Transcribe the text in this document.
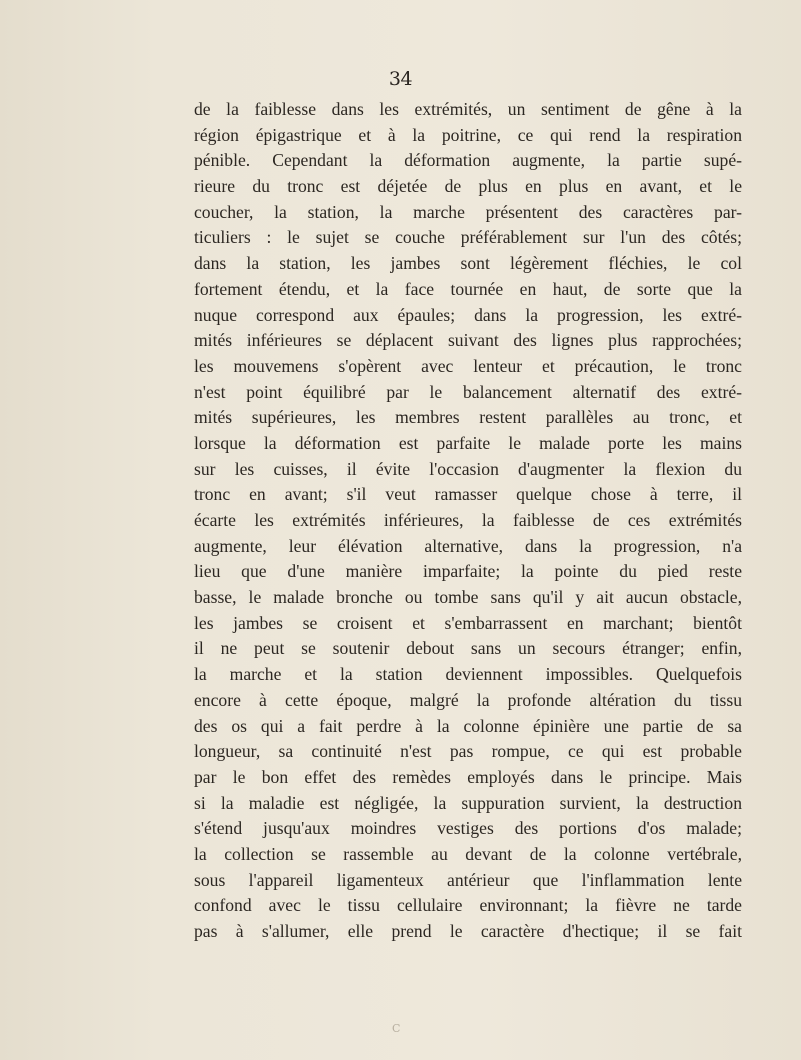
34
de la faiblesse dans les extrémités, un sentiment de gêne à la
région épigastrique et à la poitrine, ce qui rend la respiration
pénible. Cependant la déformation augmente, la partie supé-
rieure du tronc est déjetée de plus en plus en avant, et le
coucher, la station, la marche présentent des caractères par-
ticuliers : le sujet se couche préférablement sur l'un des côtés;
dans la station, les jambes sont légèrement fléchies, le col
fortement étendu, et la face tournée en haut, de sorte que la
nuque correspond aux épaules; dans la progression, les extré-
mités inférieures se déplacent suivant des lignes plus rapprochées;
les mouvemens s'opèrent avec lenteur et précaution, le tronc
n'est point équilibré par le balancement alternatif des extré-
mités supérieures, les membres restent parallèles au tronc, et
lorsque la déformation est parfaite le malade porte les mains
sur les cuisses, il évite l'occasion d'augmenter la flexion du
tronc en avant; s'il veut ramasser quelque chose à terre, il
écarte les extrémités inférieures, la faiblesse de ces extrémités
augmente, leur élévation alternative, dans la progression, n'a
lieu que d'une manière imparfaite; la pointe du pied reste
basse, le malade bronche ou tombe sans qu'il y ait aucun obstacle,
les jambes se croisent et s'embarrassent en marchant; bientôt
il ne peut se soutenir debout sans un secours étranger; enfin,
la marche et la station deviennent impossibles. Quelquefois
encore à cette époque, malgré la profonde altération du tissu
des os qui a fait perdre à la colonne épinière une partie de sa
longueur, sa continuité n'est pas rompue, ce qui est probable
par le bon effet des remèdes employés dans le principe. Mais
si la maladie est négligée, la suppuration survient, la destruction
s'étend jusqu'aux moindres vestiges des portions d'os malade;
la collection se rassemble au devant de la colonne vertébrale,
sous l'appareil ligamenteux antérieur que l'inflammation lente
confond avec le tissu cellulaire environnant; la fièvre ne tarde
pas à s'allumer, elle prend le caractère d'hectique; il se fait
C
